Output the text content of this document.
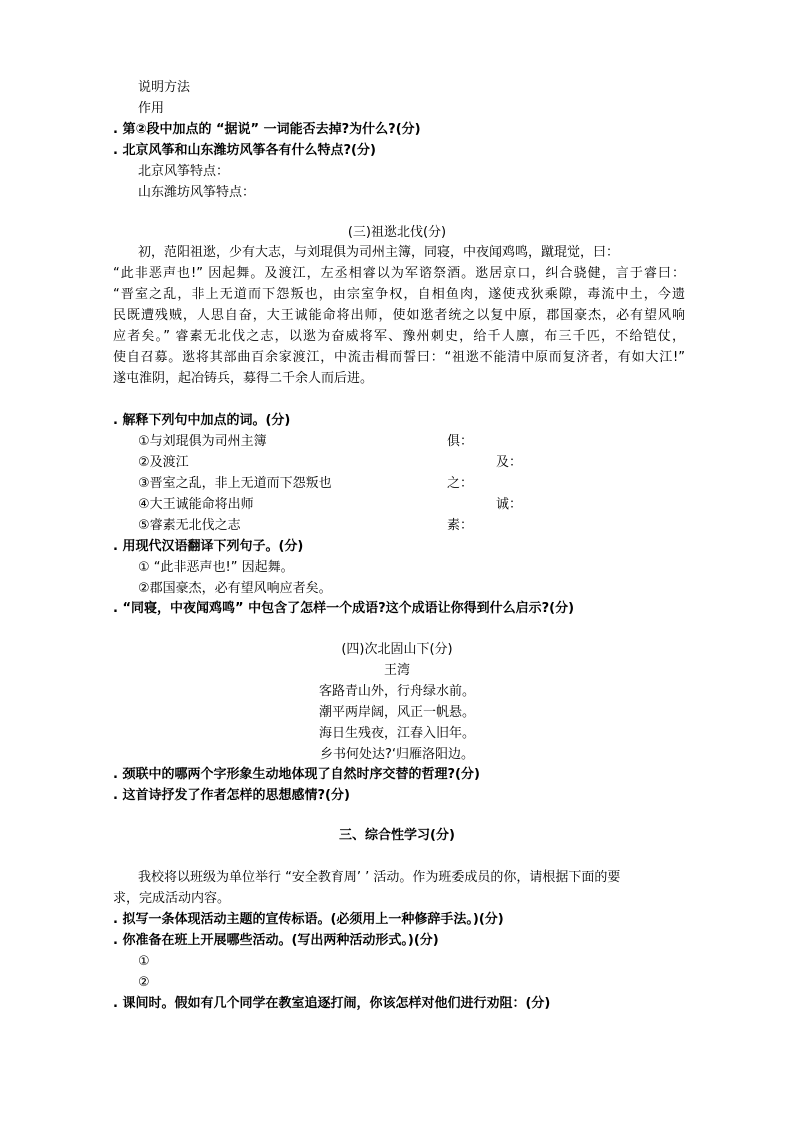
说明方法
作用
. 第②段中加点的 “据说” 一词能否去掉?为什么?(分)
. 北京风筝和山东潍坊风筝各有什么特点?(分)
北京风筝特点：
山东潍坊风筝特点：
(三)祖逖北伐(分)
初，范阳祖逖，少有大志，与刘琨俱为司州主簿，同寝，中夜闻鸡鸣，蹴琨觉，曰：
“此非恶声也!” 因起舞。及渡江，左丞相睿以为军谘祭酒。逖居京口，纠合骁健，言于睿曰：
“晋室之乱，非上无道而下怨叛也，由宗室争权，自相鱼肉，遂使戎狄乘隙，毒流中土，今遗
民既遭残贼，人思自奋，大王诚能命将出师，使如逖者统之以复中原，郡国豪杰，必有望风响
应者矣。” 睿素无北伐之志，以逖为奋威将军、豫州刺史，给千人廪，布三千匹，不给铠仗，
使自召募。逖将其部曲百余家渡江，中流击楫而誓曰：“祖逖不能清中原而复济者，有如大江!”
遂屯淮阴，起冶铸兵，募得二千余人而后进。
. 解释下列句中加点的词。(分)
①与刘琨俱为司州主簿	俱：
②及渡江	及：
③晋室之乱，非上无道而下怨叛也	之：
④大王诚能命将出师	诚：
⑤睿素无北伐之志	素：
. 用现代汉语翻译下列句子。(分)
① “此非恶声也!” 因起舞。
②郡国豪杰，必有望风响应者矣。
. “同寝，中夜闻鸡鸣” 中包含了怎样一个成语?这个成语让你得到什么启示?(分)
(四)次北固山下(分)
王湾
客路青山外，行舟绿水前。
潮平两岸阔，风正一帆悬。
海日生残夜，江春入旧年。
乡书何处达?‘归雁洛阳边。
. 颈联中的哪两个字形象生动地体现了自然时序交替的哲理?(分)
. 这首诗抒发了作者怎样的思想感情?(分)
三、综合性学习(分)
我校将以班级为单位举行 “安全教育周’ ’ 活动。作为班委成员的你，请根据下面的要
求，完成活动内容。
. 拟写一条体现活动主题的宣传标语。(必须用上一种修辞手法。)(分)
. 你准备在班上开展哪些活动。(写出两种活动形式。)(分)
①
②
. 课间时。假如有几个同学在教室追逐打闹，你该怎样对他们进行劝阻：(分)
